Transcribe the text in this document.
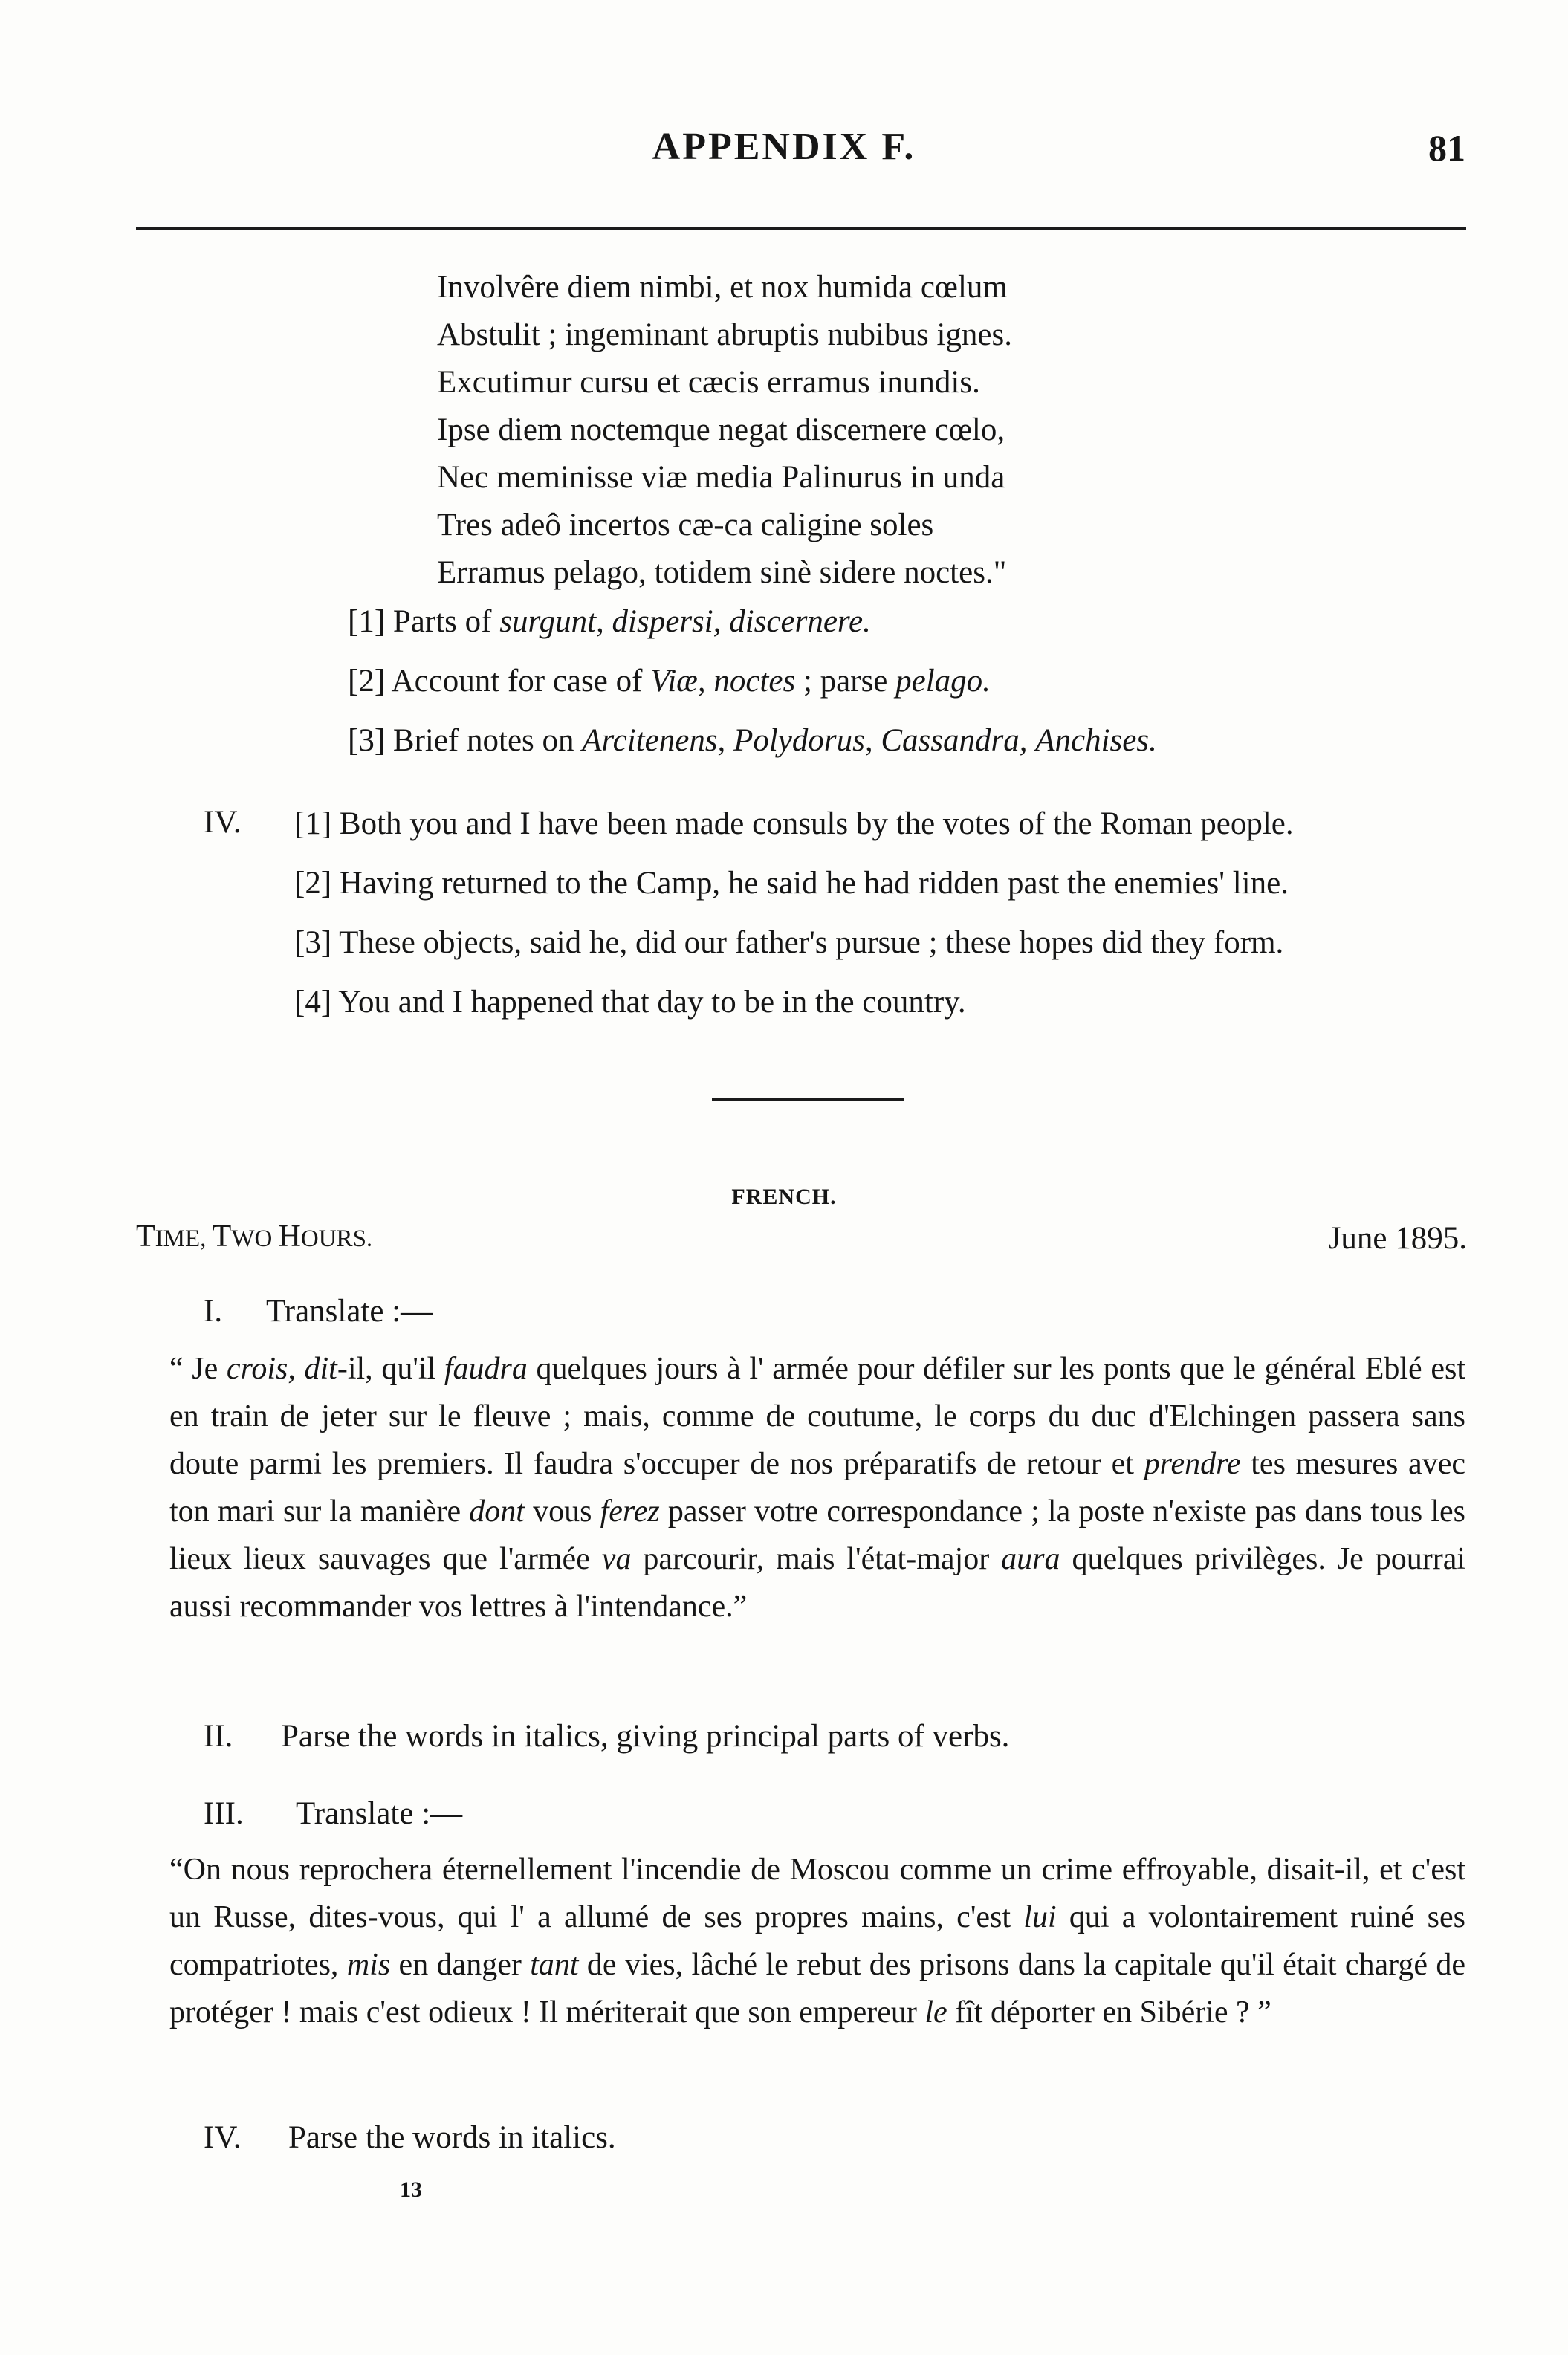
APPENDIX F.	81
Involvêre diem nimbi, et nox humida cœlum
Abstulit ; ingeminant abruptis nubibus ignes.
Excutimur cursu et cæcis erramus inundis.
Ipse diem noctemque negat discernere cœlo,
Nec meminisse viæ media Palinurus in unda
Tres adeô incertos cæ-ca caligine soles
Erramus pelago, totidem sinè sidere noctes."
[1] Parts of surgunt, dispersi, discernere.
[2] Account for case of Viæ, noctes ; parse pelago.
[3] Brief notes on Arcitenens, Polydorus, Cassandra, Anchises.
IV. [1] Both you and I have been made consuls by the votes of the Roman people.
[2] Having returned to the Camp, he said he had ridden past the enemies' line.
[3] These objects, said he, did our father's pursue ; these hopes did they form.
[4] You and I happened that day to be in the country.
FRENCH.
TIME, TWO HOURS.	June 1895.
I. Translate :—
“ Je crois, dit-il, qu'il faudra quelques jours à l' armée pour défiler sur les ponts que le général Eblé est en train de jeter sur le fleuve ; mais, comme de coutume, le corps du duc d'Elchingen passera sans doute parmi les premiers. Il faudra s'occuper de nos préparatifs de retour et prendre tes mesures avec ton mari sur la manière dont vous ferez passer votre correspondance ; la poste n'existe pas dans tous les lieux lieux sauvages que l'armée va parcourir, mais l'état-major aura quelques privilèges. Je pourrai aussi recommander vos lettres à l'intendance.”
II. Parse the words in italics, giving principal parts of verbs.
III. Translate :—
“On nous reprochera éternellement l'incendie de Moscou comme un crime effroyable, disait-il, et c'est un Russe, dites-vous, qui l' a allumé de ses propres mains, c'est lui qui a volontairement ruiné ses compatriotes, mis en danger tant de vies, lâché le rebut des prisons dans la capitale qu'il était chargé de protéger ! mais c'est odieux ! Il mériterait que son empereur le fît déporter en Sibérie ? ”
IV. Parse the words in italics.
13
